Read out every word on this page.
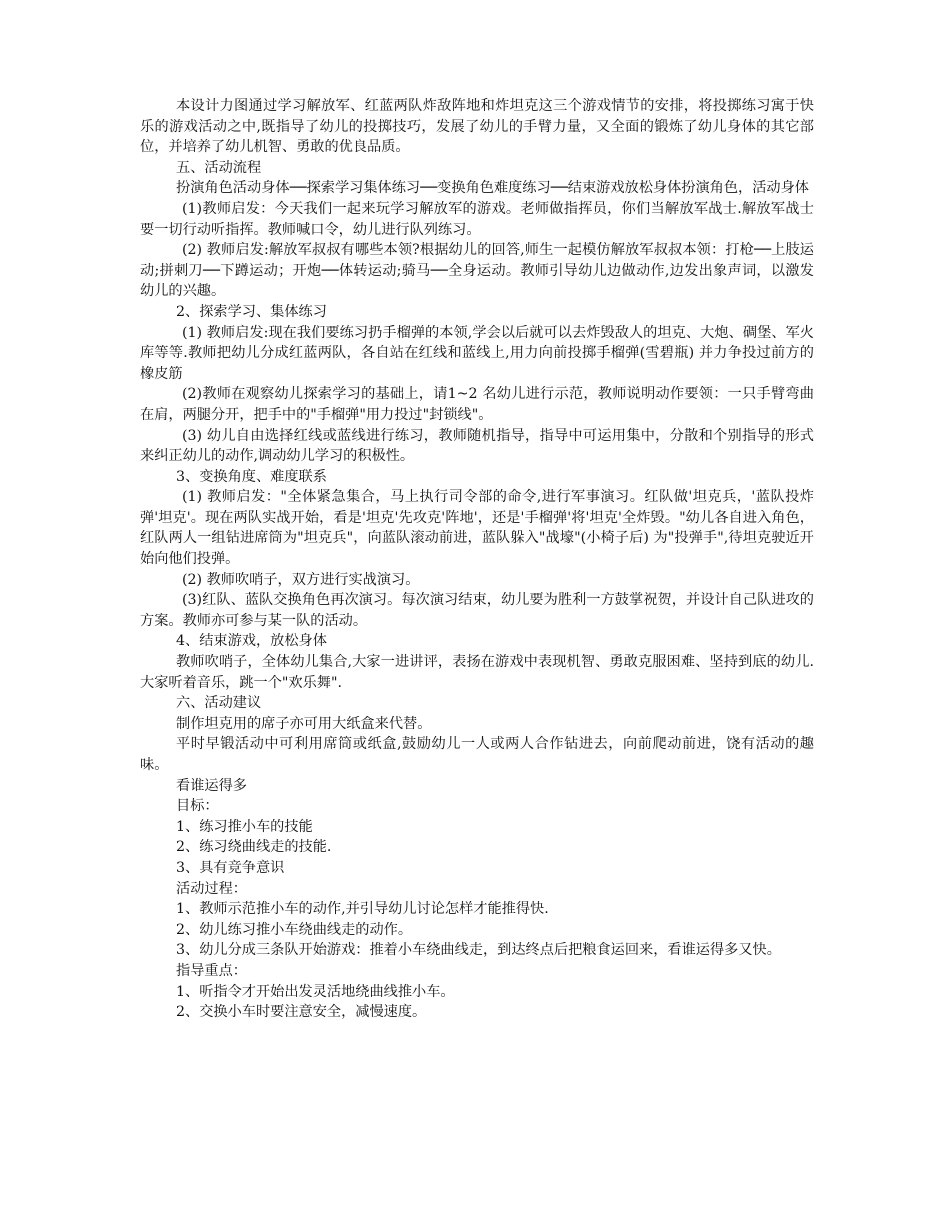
本设计力图通过学习解放军、红蓝两队炸敌阵地和炸坦克这三个游戏情节的安排，将投掷练习寓于快乐的游戏活动之中,既指导了幼儿的投掷技巧，发展了幼儿的手臂力量，又全面的锻炼了幼儿身体的其它部位，并培养了幼儿机智、勇敢的优良品质。

五、活动流程

扮演角色活动身体──探索学习集体练习──变换角色难度练习──结束游戏放松身体扮演角色，活动身体

(1)教师启发：今天我们一起来玩学习解放军的游戏。老师做指挥员，你们当解放军战士.解放军战士要一切行动听指挥。教师喊口令，幼儿进行队列练习。

(2) 教师启发:解放军叔叔有哪些本领?根据幼儿的回答,师生一起模仿解放军叔叔本领：打枪──上肢运动;拼刺刀──下蹲运动；开炮──体转运动;骑马──全身运动。教师引导幼儿边做动作,边发出象声词，以激发幼儿的兴趣。

2、探索学习、集体练习

(1) 教师启发:现在我们要练习扔手榴弹的本领,学会以后就可以去炸毁敌人的坦克、大炮、碉堡、军火库等等.教师把幼儿分成红蓝两队，各自站在红线和蓝线上,用力向前投掷手榴弹(雪碧瓶) 并力争投过前方的橡皮筋

(2)教师在观察幼儿探索学习的基础上，请1~2 名幼儿进行示范，教师说明动作要领：一只手臂弯曲在肩，两腿分开，把手中的"手榴弹"用力投过"封锁线"。

(3) 幼儿自由选择红线或蓝线进行练习，教师随机指导，指导中可运用集中，分散和个别指导的形式来纠正幼儿的动作,调动幼儿学习的积极性。

3、变换角度、难度联系

(1) 教师启发："全体紧急集合，马上执行司令部的命令,进行军事演习。红队做'坦克兵，'蓝队投炸弹'坦克'。现在两队实战开始，看是'坦克'先攻克'阵地'，还是'手榴弹'将'坦克'全炸毁。"幼儿各自进入角色，红队两人一组钻进席筒为"坦克兵"，向蓝队滚动前进，蓝队躲入"战壕"(小椅子后) 为"投弹手",待坦克驶近开始向他们投弹。

(2) 教师吹哨子，双方进行实战演习。

(3)红队、蓝队交换角色再次演习。每次演习结束，幼儿要为胜利一方鼓掌祝贺，并设计自己队进攻的方案。教师亦可参与某一队的活动。

4、结束游戏，放松身体

教师吹哨子，全体幼儿集合,大家一进讲评，表扬在游戏中表现机智、勇敢克服困难、坚持到底的幼儿.大家听着音乐，跳一个"欢乐舞".

六、活动建议

制作坦克用的席子亦可用大纸盒来代替。

平时早锻活动中可利用席筒或纸盒,鼓励幼儿一人或两人合作钻进去，向前爬动前进，饶有活动的趣味。

看谁运得多

目标：

1、练习推小车的技能

2、练习绕曲线走的技能.

3、具有竞争意识

活动过程：

1、教师示范推小车的动作,并引导幼儿讨论怎样才能推得快.

2、幼儿练习推小车绕曲线走的动作。

3、幼儿分成三条队开始游戏：推着小车绕曲线走，到达终点后把粮食运回来，看谁运得多又快。

指导重点：

1、听指令才开始出发灵活地绕曲线推小车。

2、交换小车时要注意安全，减慢速度。
